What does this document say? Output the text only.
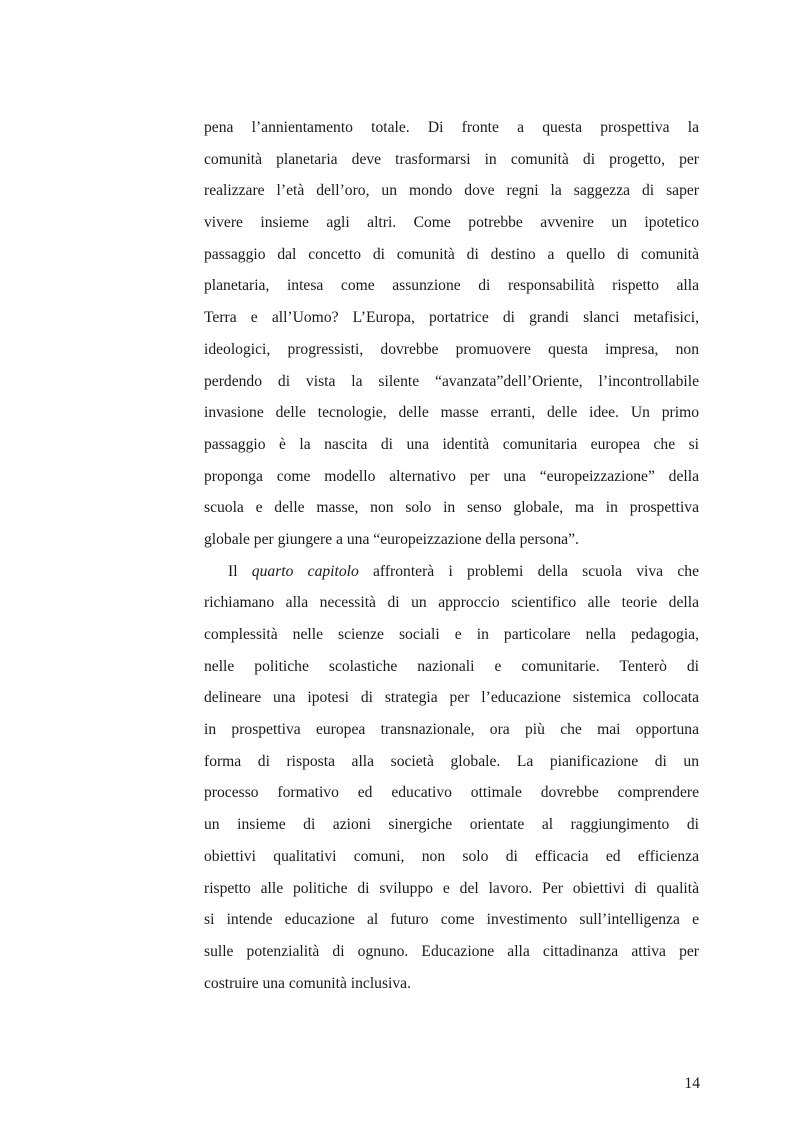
pena l’annientamento totale. Di fronte a questa prospettiva la
comunità planetaria deve trasformarsi in comunità di progetto, per
realizzare l’età dell’oro, un mondo dove regni la saggezza di saper
vivere insieme agli altri. Come potrebbe avvenire un ipotetico
passaggio dal concetto di comunità di destino a quello di comunità
planetaria, intesa come assunzione di responsabilità rispetto alla
Terra e all’Uomo? L’Europa, portatrice di grandi slanci metafisici,
ideologici, progressisti, dovrebbe promuovere questa impresa, non
perdendo di vista la silente “avanzata”dell’Oriente, l’incontrollabile
invasione delle tecnologie, delle masse erranti, delle idee. Un primo
passaggio è la nascita di una identità comunitaria europea che si
proponga come modello alternativo per una “europeizzazione” della
scuola e delle masse, non solo in senso globale, ma in prospettiva
globale per giungere a una “europeizzazione della persona”.
Il quarto capitolo affronterà i problemi della scuola viva che
richiamano alla necessità di un approccio scientifico alle teorie della
complessità nelle scienze sociali e in particolare nella pedagogia,
nelle politiche scolastiche nazionali e comunitarie. Tenterò di
delineare una ipotesi di strategia per l’educazione sistemica collocata
in prospettiva europea transnazionale, ora più che mai opportuna
forma di risposta alla società globale. La pianificazione di un
processo formativo ed educativo ottimale dovrebbe comprendere
un insieme di azioni sinergiche orientate al raggiungimento di
obiettivi qualitativi comuni, non solo di efficacia ed efficienza
rispetto alle politiche di sviluppo e del lavoro. Per obiettivi di qualità
si intende educazione al futuro come investimento sull’intelligenza e
sulle potenzialità di ognuno. Educazione alla cittadinanza attiva per
costruire una comunità inclusiva.
14
